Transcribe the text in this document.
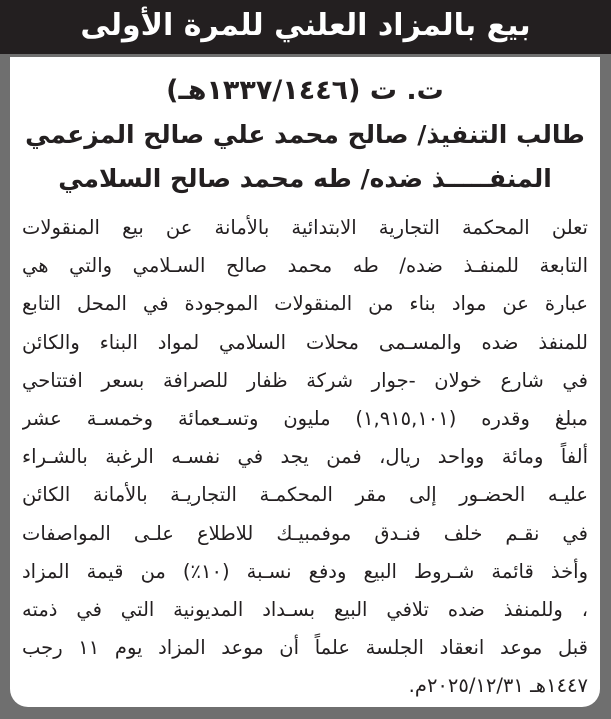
بيع بالمزاد العلني للمرة الأولى
ت. ت (١٣٣٧/١٤٤٦هـ)
طالب التنفيذ/ صالح محمد علي صالح المزعمي
المنفـــــذ ضده/ طه محمد صالح السلامي
تعلن المحكمة التجارية الابتدائية بالأمانة عن بيع المنقولات
التابعة للمنفـذ ضده/ طه محمد صالح السـلامي والتي هي
عبارة عن مواد بناء من المنقولات الموجودة في المحل التابع
للمنفذ ضده والمسـمى محلات السلامي لمواد البناء والكائن
في شارع خولان -جوار شركة ظفار للصرافة بسعر افتتاحي
مبلغ وقدره (١,٩١٥,١٠١) مليون وتسـعمائة وخمسـة عشر
ألفاً ومائة وواحد ريال، فمن يجد في نفسـه الرغبة بالشـراء
عليـه الحضـور إلى مقر المحكمـة التجاريـة بالأمانة الكائن
في نقـم خلف فنـدق موفمبيـك للاطلاع علـى المواصفات
وأخذ قائمة شـروط البيع ودفع نسـبة (١٠٪) من قيمة المزاد
، وللمنفذ ضده تلافي البيع بسـداد المديونية التي في ذمته
قبل موعد انعقاد الجلسة علماً أن موعد المزاد يوم ١١ رجب
١٤٤٧هـ ٢٠٢٥/١٢/٣١م.
